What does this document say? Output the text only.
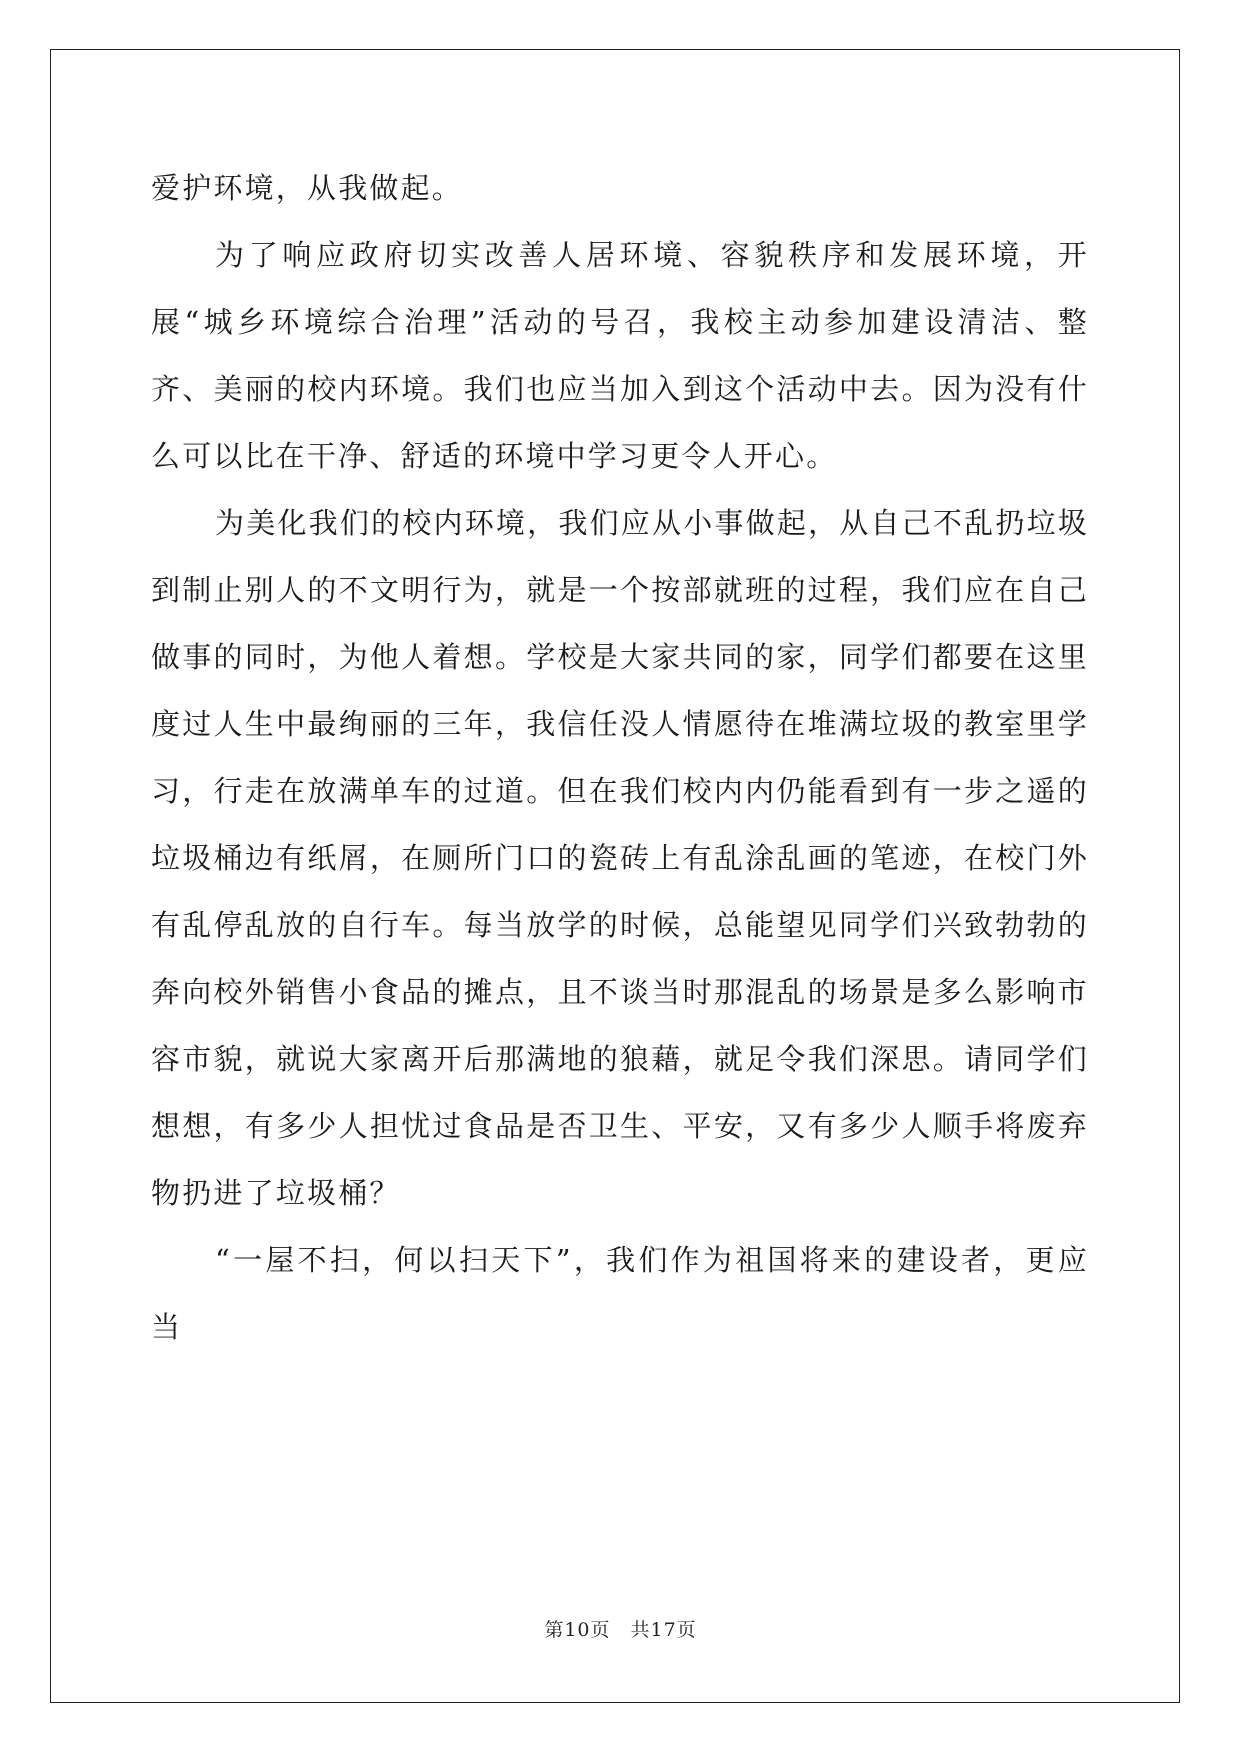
爱护环境，从我做起。

为了响应政府切实改善人居环境、容貌秩序和发展环境，开展“城乡环境综合治理”活动的号召，我校主动参加建设清洁、整齐、美丽的校内环境。我们也应当加入到这个活动中去。因为没有什么可以比在干净、舒适的环境中学习更令人开心。

为美化我们的校内环境，我们应从小事做起，从自己不乱扔垃圾到制止别人的不文明行为，就是一个按部就班的过程，我们应在自己做事的同时，为他人着想。学校是大家共同的家，同学们都要在这里度过人生中最绚丽的三年，我信任没人情愿待在堆满垃圾的教室里学习，行走在放满单车的过道。但在我们校内内仍能看到有一步之遥的垃圾桶边有纸屑，在厕所门口的瓷砖上有乱涂乱画的笔迹，在校门外有乱停乱放的自行车。每当放学的时候，总能望见同学们兴致勃勃的奔向校外销售小食品的摊点，且不谈当时那混乱的场景是多么影响市容市貌，就说大家离开后那满地的狼藉，就足令我们深思。请同学们想想，有多少人担忧过食品是否卫生、平安，又有多少人顺手将废弃物扔进了垃圾桶？

“一屋不扫，何以扫天下”，我们作为祖国将来的建设者，更应当

第10页　共17页
